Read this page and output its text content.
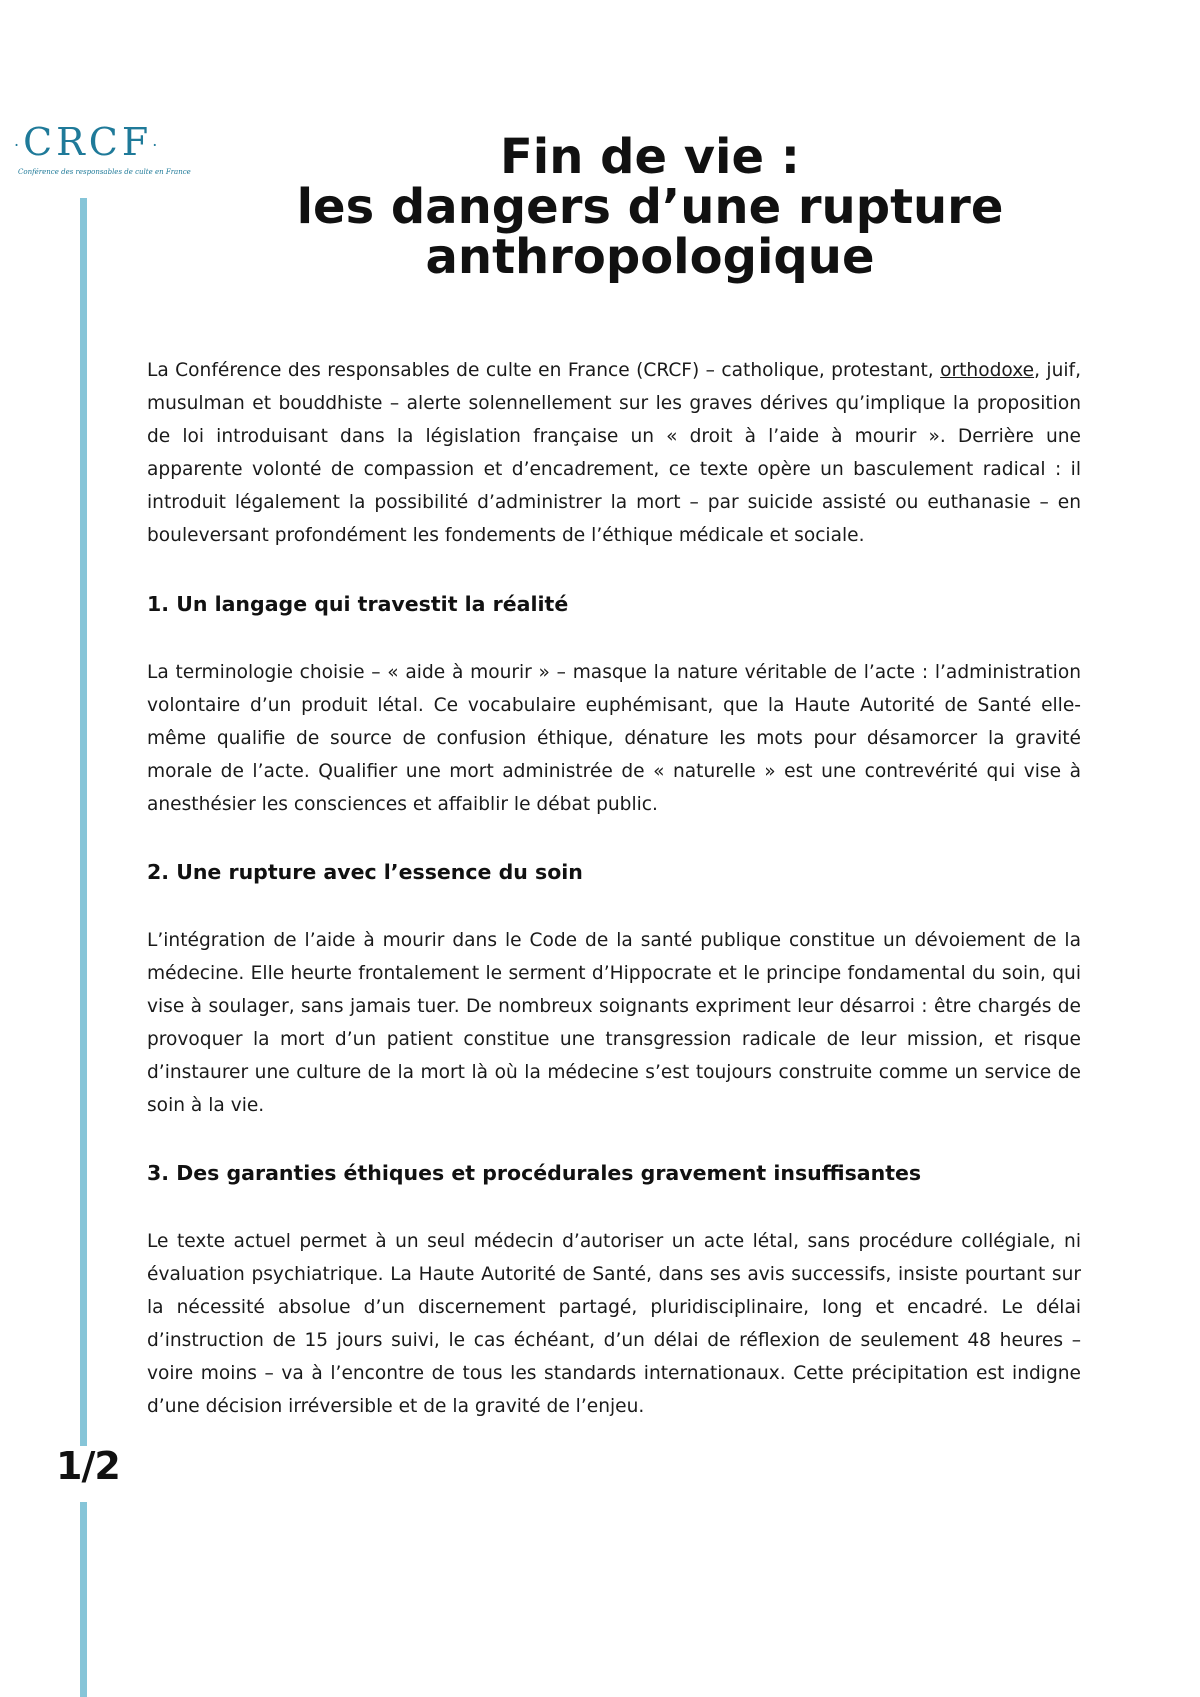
·CRCF·
Conférence des responsables de culte en France
1/2
Fin de vie :
les dangers d’une rupture
anthropologique

La Conférence des responsables de culte en France (CRCF) – catholique, protestant, orthodoxe, juif, musulman et bouddhiste – alerte solennellement sur les graves dérives qu’implique la proposition de loi introduisant dans la législation française un « droit à l’aide à mourir ». Derrière une apparente volonté de compassion et d’encadrement, ce texte opère un basculement radical : il introduit légalement la possibilité d’administrer la mort – par suicide assisté ou euthanasie – en bouleversant profondément les fondements de l’éthique médicale et sociale.

1. Un langage qui travestit la réalité

La terminologie choisie – « aide à mourir » – masque la nature véritable de l’acte : l’administration volontaire d’un produit létal. Ce vocabulaire euphémisant, que la Haute Autorité de Santé elle-même qualifie de source de confusion éthique, dénature les mots pour désamorcer la gravité morale de l’acte. Qualifier une mort administrée de « naturelle » est une contrevérité qui vise à anesthésier les consciences et affaiblir le débat public.

2. Une rupture avec l’essence du soin

L’intégration de l’aide à mourir dans le Code de la santé publique constitue un dévoiement de la médecine. Elle heurte frontalement le serment d’Hippocrate et le principe fondamental du soin, qui vise à soulager, sans jamais tuer. De nombreux soignants expriment leur désarroi : être chargés de provoquer la mort d’un patient constitue une transgression radicale de leur mission, et risque d’instaurer une culture de la mort là où la médecine s’est toujours construite comme un service de soin à la vie.

3. Des garanties éthiques et procédurales gravement insuffisantes

Le texte actuel permet à un seul médecin d’autoriser un acte létal, sans procédure collégiale, ni évaluation psychiatrique. La Haute Autorité de Santé, dans ses avis successifs, insiste pourtant sur la nécessité absolue d’un discernement partagé, pluridisciplinaire, long et encadré. Le délai d’instruction de 15 jours suivi, le cas échéant, d’un délai de réflexion de seulement 48 heures – voire moins – va à l’encontre de tous les standards internationaux. Cette précipitation est indigne d’une décision irréversible et de la gravité de l’enjeu.
